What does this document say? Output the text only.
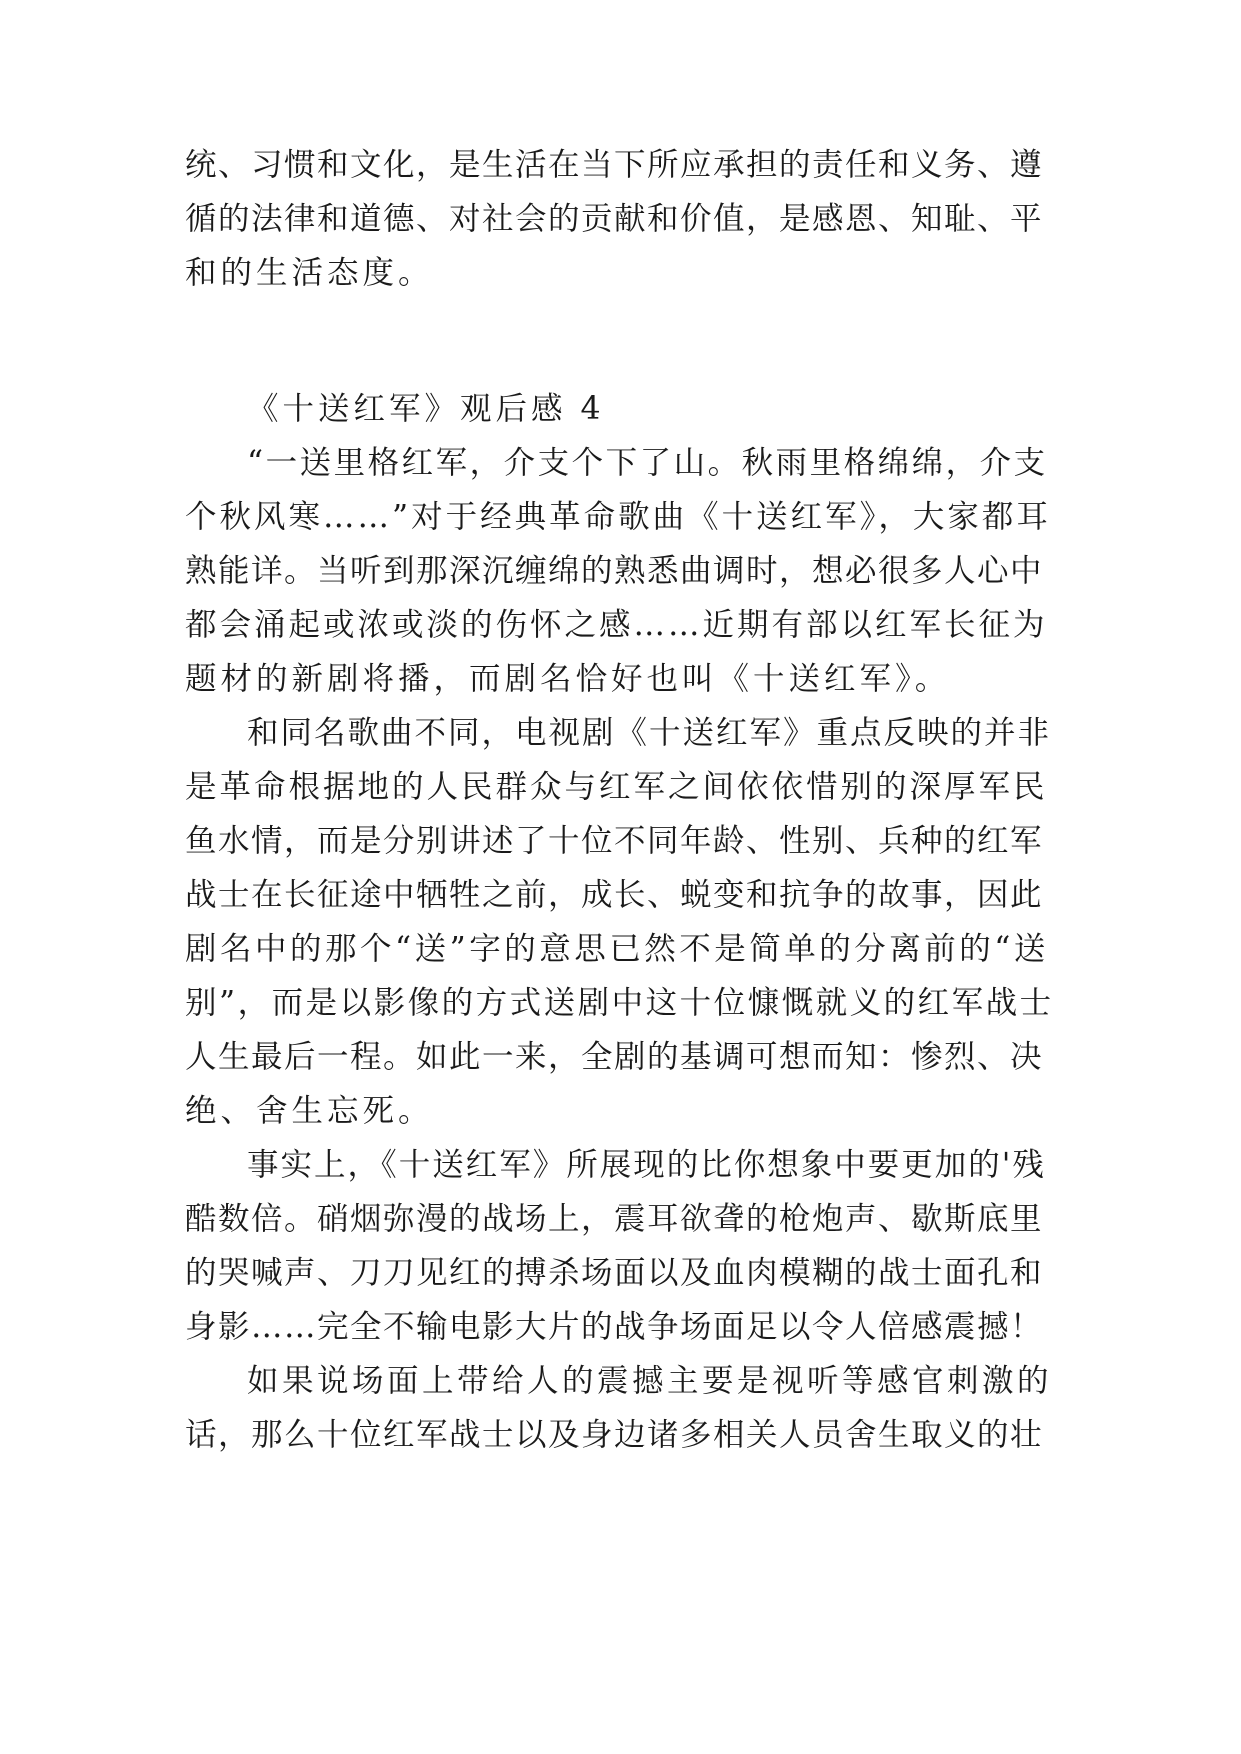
统、习惯和文化，是生活在当下所应承担的责任和义务、遵
循的法律和道德、对社会的贡献和价值，是感恩、知耻、平
和的生活态度。
《十送红军》观后感 4
“一送里格红军，介支个下了山。秋雨里格绵绵，介支
个秋风寒……”对于经典革命歌曲《十送红军》，大家都耳
熟能详。当听到那深沉缠绵的熟悉曲调时，想必很多人心中
都会涌起或浓或淡的伤怀之感……近期有部以红军长征为
题材的新剧将播，而剧名恰好也叫《十送红军》。
和同名歌曲不同，电视剧《十送红军》重点反映的并非
是革命根据地的人民群众与红军之间依依惜别的深厚军民
鱼水情，而是分别讲述了十位不同年龄、性别、兵种的红军
战士在长征途中牺牲之前，成长、蜕变和抗争的故事，因此
剧名中的那个“送”字的意思已然不是简单的分离前的“送
别”，而是以影像的方式送剧中这十位慷慨就义的红军战士
人生最后一程。如此一来，全剧的基调可想而知：惨烈、决
绝、舍生忘死。
事实上，《十送红军》所展现的比你想象中要更加的'残
酷数倍。硝烟弥漫的战场上，震耳欲聋的枪炮声、歇斯底里
的哭喊声、刀刀见红的搏杀场面以及血肉模糊的战士面孔和
身影……完全不输电影大片的战争场面足以令人倍感震撼！
如果说场面上带给人的震撼主要是视听等感官刺激的
话，那么十位红军战士以及身边诸多相关人员舍生取义的壮
